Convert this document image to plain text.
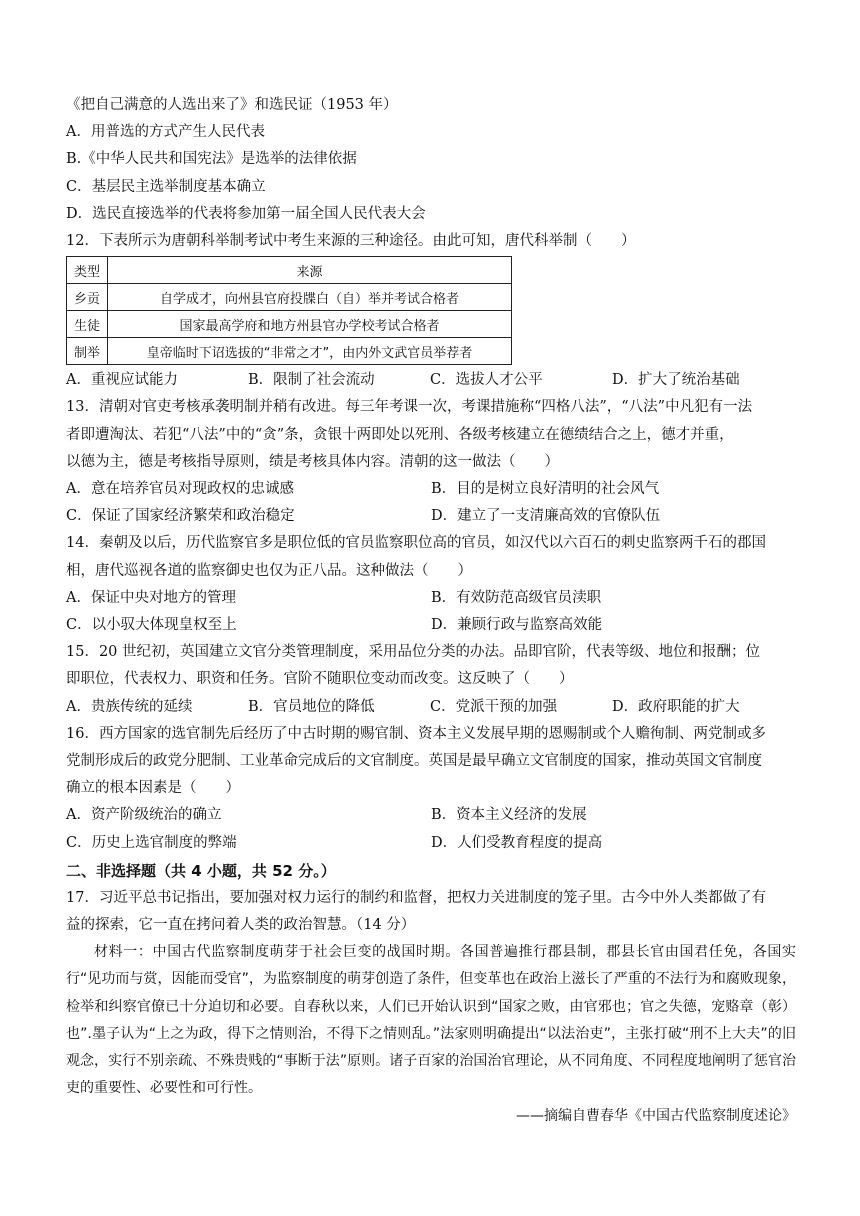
《把自己满意的人选出来了》和选民证（1953 年）
A．用普选的方式产生人民代表
B.《中华人民共和国宪法》是选举的法律依据
C．基层民主选举制度基本确立
D．选民直接选举的代表将参加第一届全国人民代表大会
12．下表所示为唐朝科举制考试中考生来源的三种途径。由此可知，唐代科举制（　　）
类型	来源
乡贡	自学成才，向州县官府投牒白（自）举并考试合格者
生徒	国家最高学府和地方州县官办学校考试合格者
制举	皇帝临时下诏选拔的“非常之才”，由内外文武官员举荐者
A．重视应试能力	B．限制了社会流动	C．选拔人才公平	D．扩大了统治基础
13．清朝对官吏考核承袭明制并稍有改进。每三年考课一次，考课措施称“四格八法”，“八法”中凡犯有一法
者即遭淘汰、若犯“八法”中的“贪”条，贪银十两即处以死刑、各级考核建立在德绩结合之上，德才并重，
以德为主，德是考核指导原则，绩是考核具体内容。清朝的这一做法（　　）
A．意在培养官员对现政权的忠诚感	B．目的是树立良好清明的社会风气
C．保证了国家经济繁荣和政治稳定	D．建立了一支清廉高效的官僚队伍
14．秦朝及以后，历代监察官多是职位低的官员监察职位高的官员，如汉代以六百石的刺史监察两千石的郡国
相，唐代巡视各道的监察御史也仅为正八品。这种做法（　　）
A．保证中央对地方的管理	B．有效防范高级官员渎职
C．以小驭大体现皇权至上	D．兼顾行政与监察高效能
15．20 世纪初，英国建立文官分类管理制度，采用品位分类的办法。品即官阶，代表等级、地位和报酬；位
即职位，代表权力、职资和任务。官阶不随职位变动而改变。这反映了（　　）
A．贵族传统的延续	B．官员地位的降低	C．党派干预的加强	D．政府职能的扩大
16．西方国家的选官制先后经历了中古时期的赐官制、资本主义发展早期的恩赐制或个人赡徇制、两党制或多
党制形成后的政党分肥制、工业革命完成后的文官制度。英国是最早确立文官制度的国家，推动英国文官制度
确立的根本因素是（　　）
A．资产阶级统治的确立	B．资本主义经济的发展
C．历史上选官制度的弊端	D．人们受教育程度的提高
二、非选择题（共 4 小题，共 52 分。）
17．习近平总书记指出，要加强对权力运行的制约和监督，把权力关进制度的笼子里。古今中外人类都做了有
益的探索，它一直在拷问着人类的政治智慧。（14 分）
材料一：中国古代监察制度萌芽于社会巨变的战国时期。各国普遍推行郡县制，郡县长官由国君任免，各国实行“见功而与赏，因能而受官”，为监察制度的萌芽创造了条件，但变革也在政治上滋长了严重的不法行为和腐败现象，检举和纠察官僚已十分迫切和必要。自春秋以来，人们已开始认识到“国家之败，由官邪也；官之失德，宠赂章（彰）也”.墨子认为“上之为政，得下之情则治，不得下之情则乱。”法家则明确提出“以法治吏”，主张打破“刑不上大夫”的旧观念，实行不别亲疏、不殊贵贱的“事断于法”原则。诸子百家的治国治官理论，从不同角度、不同程度地阐明了惩官治吏的重要性、必要性和可行性。
——摘编自曹春华《中国古代监察制度述论》
